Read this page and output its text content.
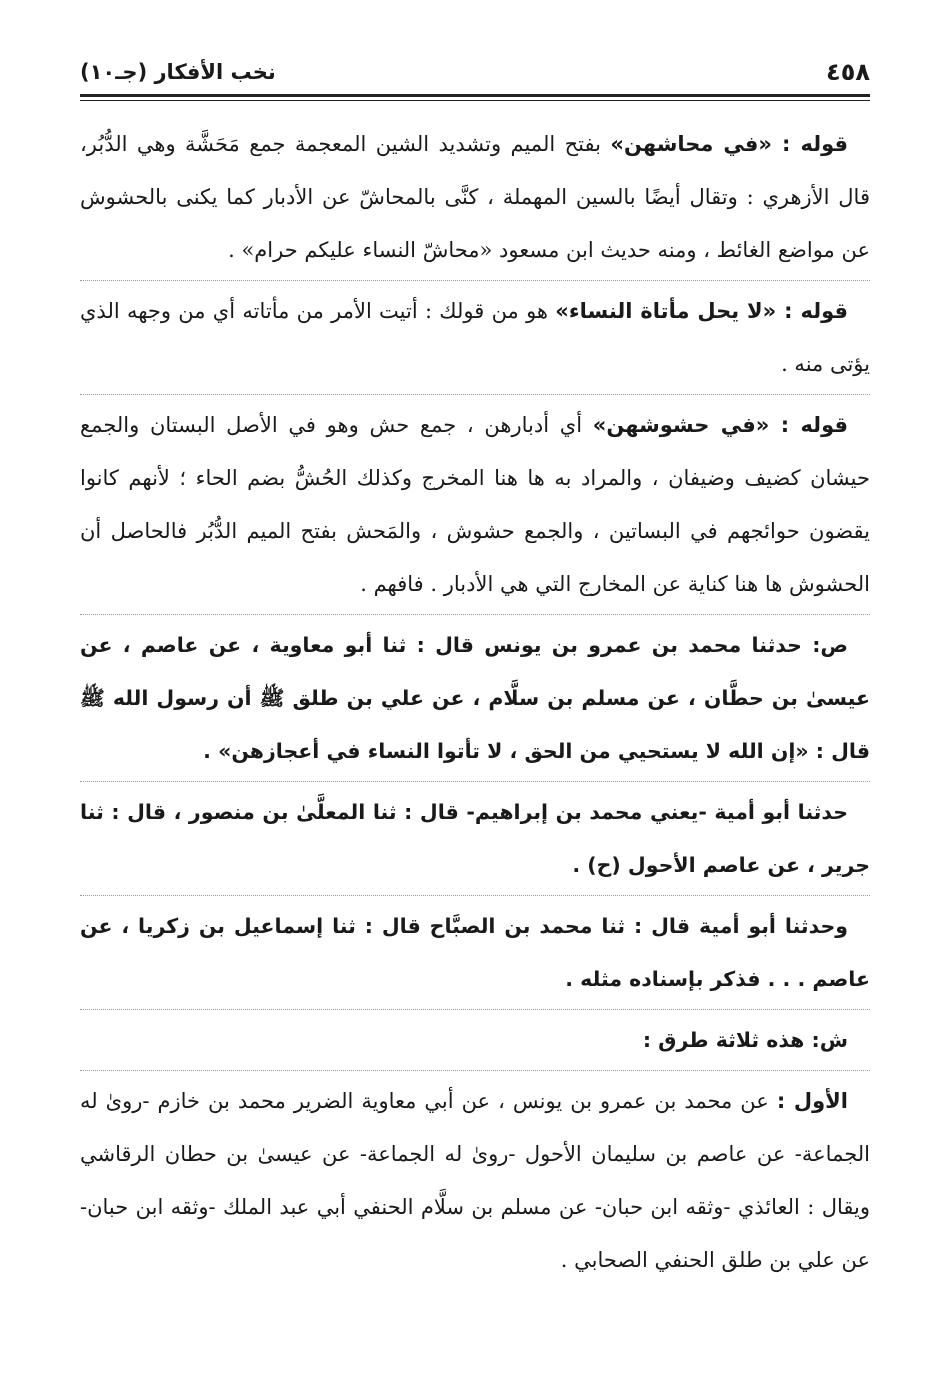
٤٥٨
نخب الأفكار (جـ١٠)

قوله : «في محاشهن» بفتح الميم وتشديد الشين المعجمة جمع مَحَشَّة وهي الدُّبُر، قال الأزهري : وتقال أيضًا بالسين المهملة ، كنَّى بالمحاشّ عن الأدبار كما يكنى بالحشوش عن مواضع الغائط ، ومنه حديث ابن مسعود «محاشّ النساء عليكم حرام» .

قوله : «لا يحل مأتاة النساء» هو من قولك : أتيت الأمر من مأتاته أي من وجهه الذي يؤتى منه .

قوله : «في حشوشهن» أي أدبارهن ، جمع حش وهو في الأصل البستان والجمع حيشان كضيف وضيفان ، والمراد به ها هنا المخرج وكذلك الحُشُّ بضم الحاء ؛ لأنهم كانوا يقضون حوائجهم في البساتين ، والجمع حشوش ، والمَحش بفتح الميم الدُّبُر فالحاصل أن الحشوش ها هنا كناية عن المخارج التي هي الأدبار . فافهم .

ص: حدثنا محمد بن عمرو بن يونس قال : ثنا أبو معاوية ، عن عاصم ، عن عيسىٰ بن حطَّان ، عن مسلم بن سلَّام ، عن علي بن طلق ﷺ أن رسول الله ﷺ قال : «إن الله لا يستحيي من الحق ، لا تأتوا النساء في أعجازهن» .

حدثنا أبو أمية -يعني محمد بن إبراهيم- قال : ثنا المعلَّىٰ بن منصور ، قال : ثنا جرير ، عن عاصم الأحول (ح) .

وحدثنا أبو أمية قال : ثنا محمد بن الصبَّاح قال : ثنا إسماعيل بن زكريا ، عن عاصم . . . فذكر بإسناده مثله .

ش: هذه ثلاثة طرق :

الأول : عن محمد بن عمرو بن يونس ، عن أبي معاوية الضرير محمد بن خازم -روىٰ له الجماعة- عن عاصم بن سليمان الأحول -روىٰ له الجماعة- عن عيسىٰ بن حطان الرقاشي ويقال : العائذي -وثقه ابن حبان- عن مسلم بن سلَّام الحنفي أبي عبد الملك -وثقه ابن حبان- عن علي بن طلق الحنفي الصحابي .
